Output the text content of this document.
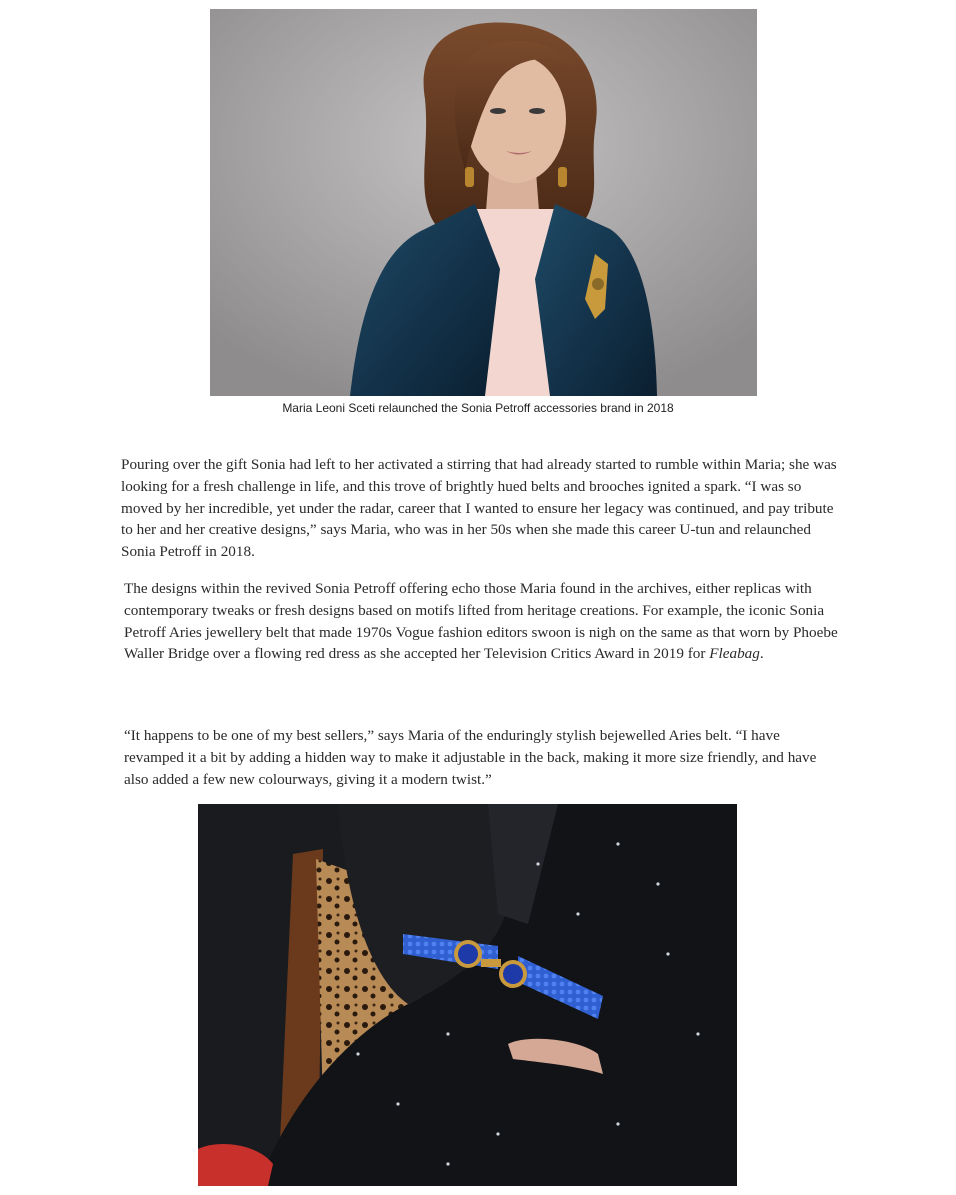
Maria Leoni Sceti relaunched the Sonia Petroff accessories brand in 2018

Pouring over the gift Sonia had left to her activated a stirring that had already started to rumble within Maria; she was looking for a fresh challenge in life, and this trove of brightly hued belts and brooches ignited a spark. “I was so moved by her incredible, yet under the radar, career that I wanted to ensure her legacy was continued, and pay tribute to her and her creative designs,” says Maria, who was in her 50s when she made this career U-tun and relaunched Sonia Petroff in 2018.

The designs within the revived Sonia Petroff offering echo those Maria found in the archives, either replicas with contemporary tweaks or fresh designs based on motifs lifted from heritage creations. For example, the iconic Sonia Petroff Aries jewellery belt that made 1970s Vogue fashion editors swoon is nigh on the same as that worn by Phoebe Waller Bridge over a flowing red dress as she accepted her Television Critics Award in 2019 for Fleabag.

“It happens to be one of my best sellers,” says Maria of the enduringly stylish bejewelled Aries belt. “I have revamped it a bit by adding a hidden way to make it adjustable in the back, making it more size friendly, and have also added a few new colourways, giving it a modern twist.”
